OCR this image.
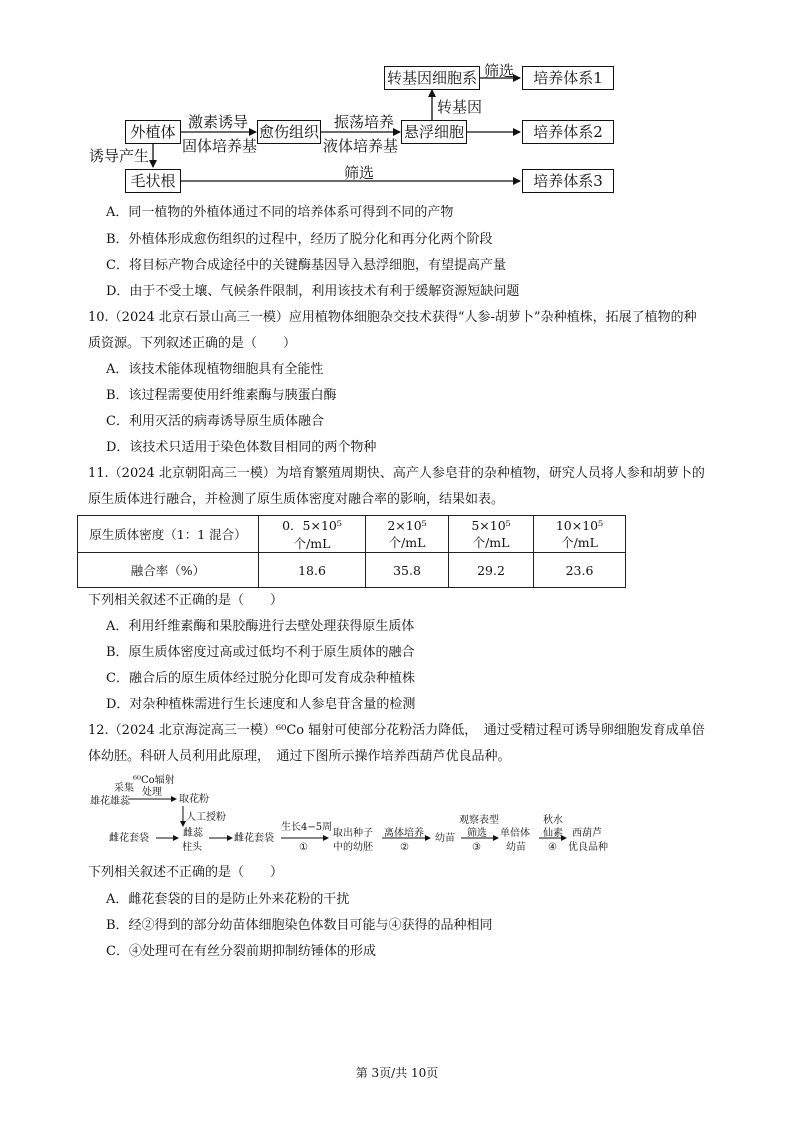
外植体	愈伤组织	悬浮细胞
转基因细胞系
毛状根
培养体系1
培养体系2
培养体系3
激素诱导
固体培养基
振荡培养
液体培养基
转基因
筛选
筛选
诱导产生
A．同一植物的外植体通过不同的培养体系可得到不同的产物
B．外植体形成愈伤组织的过程中，经历了脱分化和再分化两个阶段
C．将目标产物合成途径中的关键酶基因导入悬浮细胞，有望提高产量
D．由于不受土壤、气候条件限制，利用该技术有利于缓解资源短缺问题
10.（2024 北京石景山高三一模）应用植物体细胞杂交技术获得“人参-胡萝卜”杂种植株，拓展了植物的种
质资源。下列叙述正确的是（　　）
A．该技术能体现植物细胞具有全能性
B．该过程需要使用纤维素酶与胰蛋白酶
C．利用灭活的病毒诱导原生质体融合
D．该技术只适用于染色体数目相同的两个物种
11.（2024 北京朝阳高三一模）为培育繁殖周期快、高产人参皂苷的杂种植物，研究人员将人参和胡萝卜的
原生质体进行融合，并检测了原生质体密度对融合率的影响，结果如表。
原生质体密度（1：1 混合）	0．5×10⁵ 个/mL	2×10⁵ 个/mL	5×10⁵ 个/mL	10×10⁵ 个/mL
融合率（%）	18.6	35.8	29.2	23.6
下列相关叙述不正确的是（　　）
A．利用纤维素酶和果胶酶进行去壁处理获得原生质体
B．原生质体密度过高或过低均不利于原生质体的融合
C．融合后的原生质体经过脱分化即可发育成杂种植株
D．对杂种植株需进行生长速度和人参皂苷含量的检测
12.（2024 北京海淀高三一模）⁶⁰Co 辐射可使部分花粉活力降低，　通过受精过程可诱导卵细胞发育成单倍
体幼胚。科研人员利用此原理，　通过下图所示操作培养西葫芦优良品种。
采集
雄花雄蕊
⁶⁰Co辐射
处理
取花粉
人工授粉
雌花套袋	雌蕊
柱头
雌花套袋
生长4−5周
①
取出种子
中的幼胚
离体培养
②
幼苗
观察表型
筛选
③
单倍体
幼苗
秋水
仙素
④
西葫芦
优良品种
下列相关叙述不正确的是（　　）
A．雌花套袋的目的是防止外来花粉的干扰
B．经②得到的部分幼苗体细胞染色体数目可能与④获得的品种相同
C．④处理可在有丝分裂前期抑制纺锤体的形成
第 3页/共 10页
